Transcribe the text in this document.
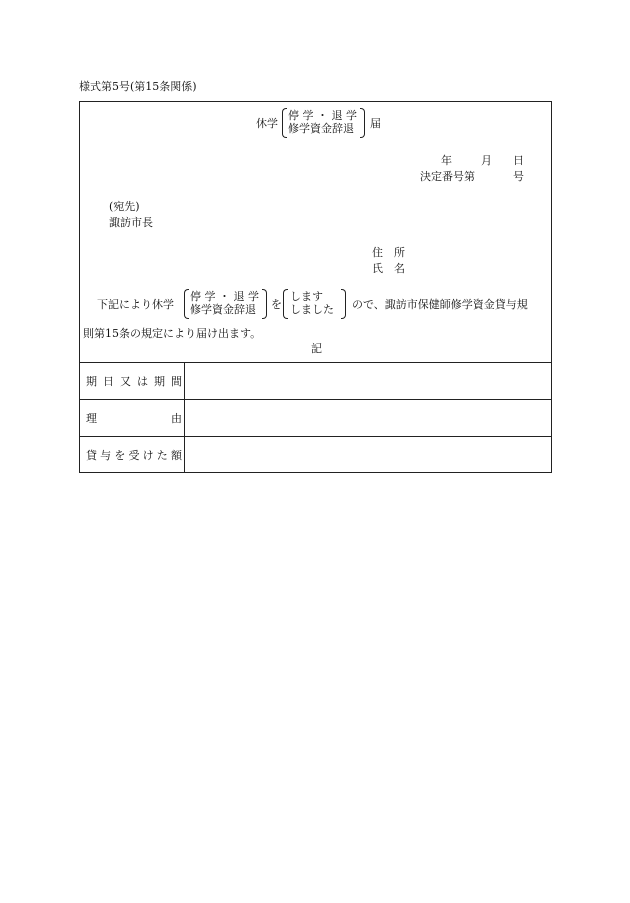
様式第5号(第15条関係)
休学
停 学 ・ 退 学
修学資金辞退 届
年	月 日
決定番号第	号
(宛先)
諏訪市長
住　所
氏　名
下記により休学
停 学 ・ 退 学
修学資金辞退 を
します
しました ので、諏訪市保健師修学資金貸与規
則第15条の規定により届け出ます。
記
期 日 又 は 期 間
理	由
貸 与 を 受 け た 額
